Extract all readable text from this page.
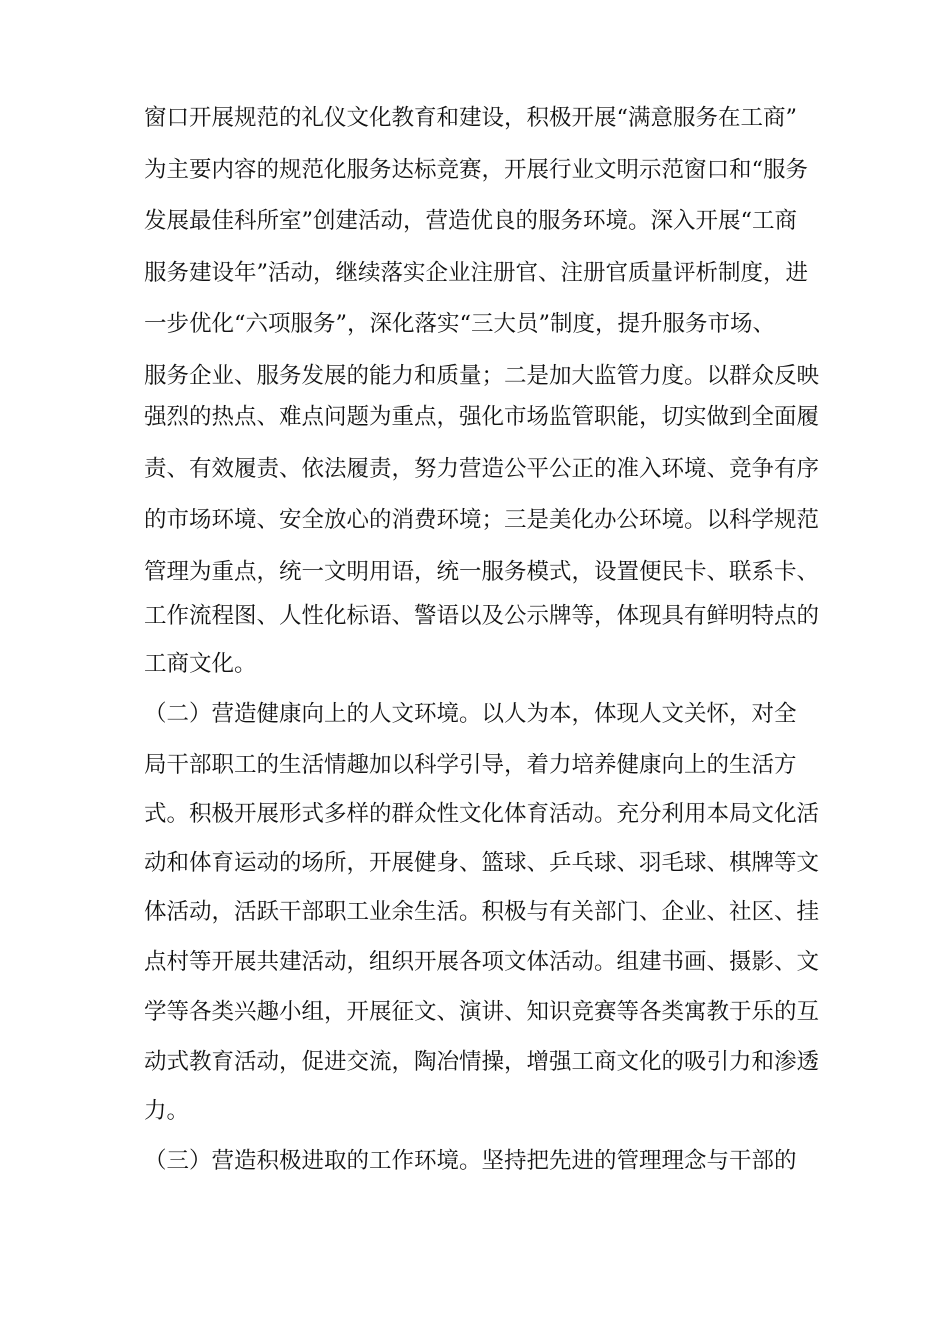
窗口开展规范的礼仪文化教育和建设，积极开展“满意服务在工商”
为主要内容的规范化服务达标竞赛，开展行业文明示范窗口和“服务
发展最佳科所室”创建活动，营造优良的服务环境。深入开展“工商
服务建设年”活动，继续落实企业注册官、注册官质量评析制度，进
一步优化“六项服务”，深化落实“三大员”制度，提升服务市场、
服务企业、服务发展的能力和质量；二是加大监管力度。以群众反映
强烈的热点、难点问题为重点，强化市场监管职能，切实做到全面履
责、有效履责、依法履责，努力营造公平公正的准入环境、竞争有序
的市场环境、安全放心的消费环境；三是美化办公环境。以科学规范
管理为重点，统一文明用语，统一服务模式，设置便民卡、联系卡、
工作流程图、人性化标语、警语以及公示牌等，体现具有鲜明特点的
工商文化。
（二）营造健康向上的人文环境。以人为本，体现人文关怀，对全
局干部职工的生活情趣加以科学引导，着力培养健康向上的生活方
式。积极开展形式多样的群众性文化体育活动。充分利用本局文化活
动和体育运动的场所，开展健身、篮球、乒乓球、羽毛球、棋牌等文
体活动，活跃干部职工业余生活。积极与有关部门、企业、社区、挂
点村等开展共建活动，组织开展各项文体活动。组建书画、摄影、文
学等各类兴趣小组，开展征文、演讲、知识竞赛等各类寓教于乐的互
动式教育活动，促进交流，陶冶情操，增强工商文化的吸引力和渗透
力。
（三）营造积极进取的工作环境。坚持把先进的管理理念与干部的
